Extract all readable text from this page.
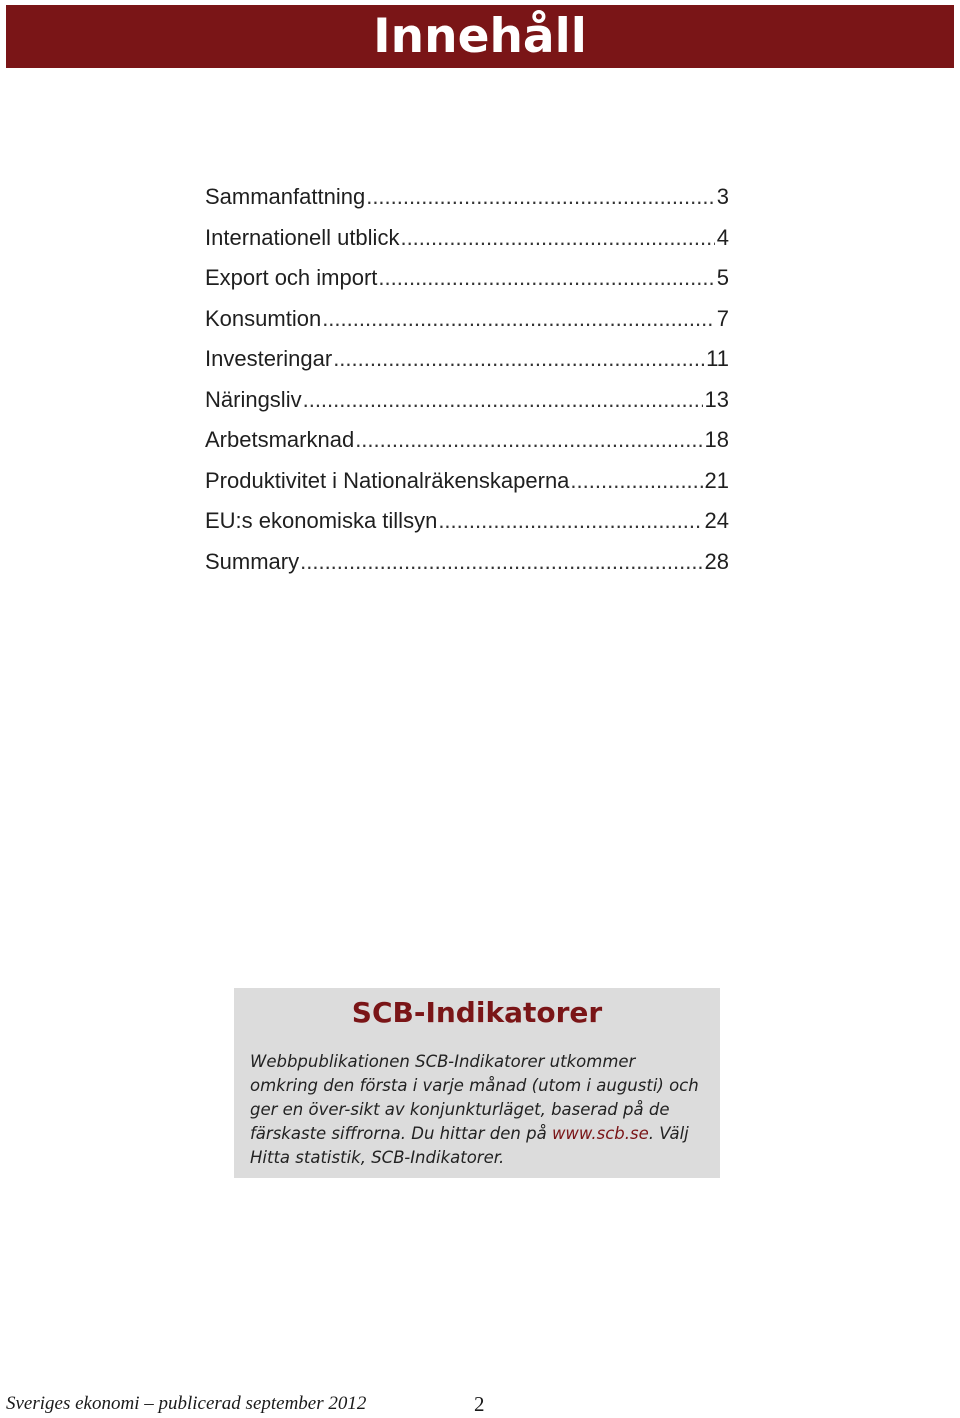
Innehåll
Sammanfattning .....	3
Internationell utblick .....	4
Export och import .....	5
Konsumtion .....	7
Investeringar .....	11
Näringsliv .....	13
Arbetsmarknad .....	18
Produktivitet i Nationalräkenskaperna .....	21
EU:s ekonomiska tillsyn .....	24
Summary .....	28
SCB-Indikatorer

Webbpublikationen SCB-Indikatorer utkommer omkring den första i varje månad (utom i augusti) och ger en över-sikt av konjunkturläget, baserad på de färskaste siffrorna. Du hittar den på www.scb.se. Välj Hitta statistik, SCB-Indikatorer.

Sveriges ekonomi – publicerad september 2012	2
